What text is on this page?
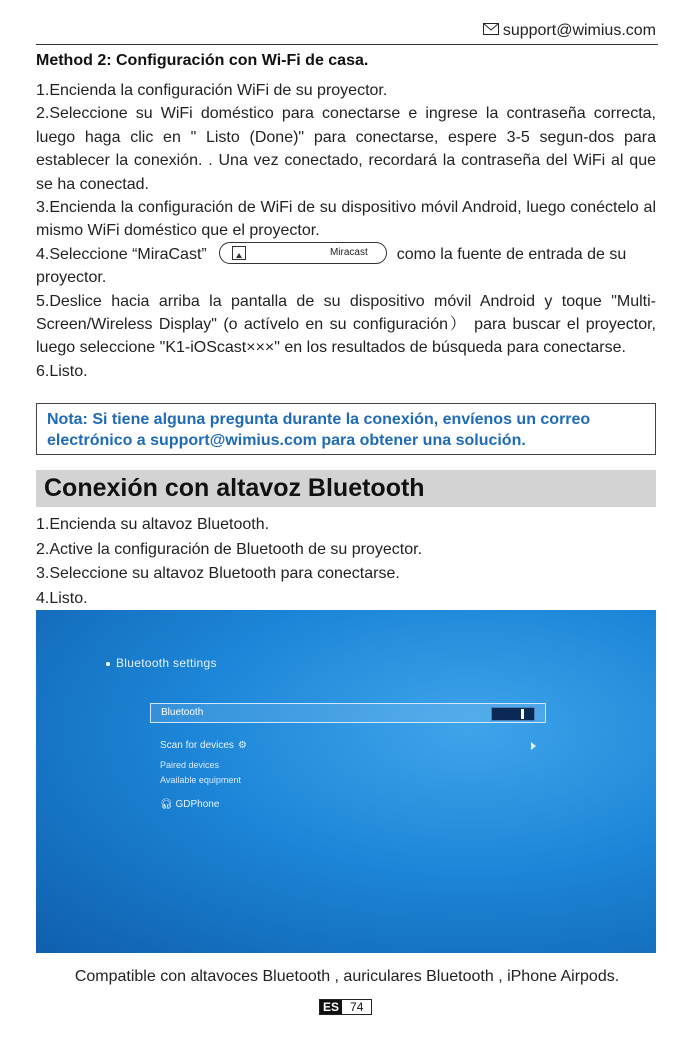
support@wimius.com
Method 2: Configuración con Wi-Fi de casa.

1.Encienda la configuración WiFi de su proyector.

2.Seleccione su WiFi doméstico para conectarse e ingrese la contraseña correcta, luego haga clic en " Listo (Done)" para conectarse, espere 3-5 segun-dos para establecer la conexión. . Una vez conectado, recordará la contraseña del WiFi al que se ha conectad.

3.Encienda la configuración de WiFi de su dispositivo móvil Android, luego conéctelo al mismo WiFi doméstico que el proyector.

4.Seleccione “MiraCast”	Miracast como la fuente de entrada de su proyector.

5.Deslice hacia arriba la pantalla de su dispositivo móvil Android y toque "Multi-Screen/Wireless Display" (o actívelo en su configuración） para buscar el proyector, luego seleccione "K1-iOScast×××" en los resultados de búsqueda para conectarse.

6.Listo.

Nota: Si tiene alguna pregunta durante la conexión, envíenos un correo electrónico a support@wimius.com para obtener una solución.
Conexión con altavoz Bluetooth

1.Encienda su altavoz Bluetooth.

2.Active la configuración de Bluetooth de su proyector.

3.Seleccione su altavoz Bluetooth para conectarse.

4.Listo.

Bluetooth settings
Bluetooth
Scan for devices ⚙
Paired devices
Available equipment
🎧︎ GDPhone
Compatible con altavoces Bluetooth , auriculares Bluetooth , iPhone Airpods.
ES 74
